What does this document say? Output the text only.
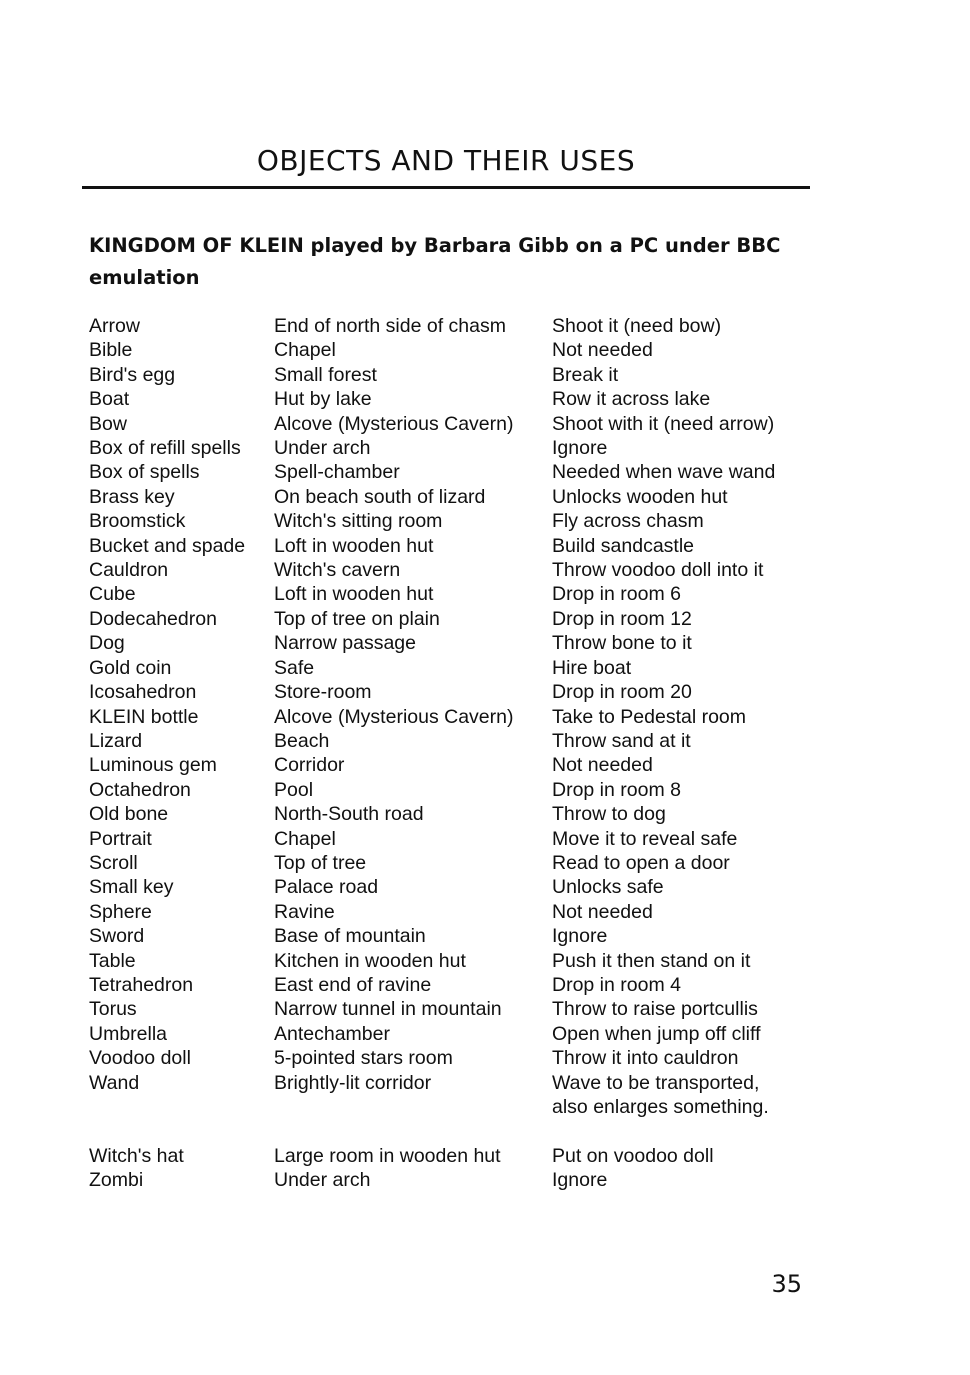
OBJECTS AND THEIR USES
KINGDOM OF KLEIN played by Barbara Gibb on a PC under BBC emulation
Arrow	End of north side of chasm	Shoot it (need bow)
Bible	Chapel	Not needed
Bird's egg	Small forest	Break it
Boat	Hut by lake	Row it across lake
Bow	Alcove (Mysterious Cavern)	Shoot with it (need arrow)
Box of refill spells	Under arch	Ignore
Box of spells	Spell-chamber	Needed when wave wand
Brass key	On beach south of lizard	Unlocks wooden hut
Broomstick	Witch's sitting room	Fly across chasm
Bucket and spade	Loft in wooden hut	Build sandcastle
Cauldron	Witch's cavern	Throw voodoo doll into it
Cube	Loft in wooden hut	Drop in room 6
Dodecahedron	Top of tree on plain	Drop in room 12
Dog	Narrow passage	Throw bone to it
Gold coin	Safe	Hire boat
Icosahedron	Store-room	Drop in room 20
KLEIN bottle	Alcove (Mysterious Cavern)	Take to Pedestal room
Lizard	Beach	Throw sand at it
Luminous gem	Corridor	Not needed
Octahedron	Pool	Drop in room 8
Old bone	North-South road	Throw to dog
Portrait	Chapel	Move it to reveal safe
Scroll	Top of tree	Read to open a door
Small key	Palace road	Unlocks safe
Sphere	Ravine	Not needed
Sword	Base of mountain	Ignore
Table	Kitchen in wooden hut	Push it then stand on it
Tetrahedron	East end of ravine	Drop in room 4
Torus	Narrow tunnel in mountain	Throw to raise portcullis
Umbrella	Antechamber	Open when jump off cliff
Voodoo doll	5-pointed stars room	Throw it into cauldron
Wand	Brightly-lit corridor	Wave to be transported,
		also enlarges something.

Witch's hat	Large room in wooden hut	Put on voodoo doll
Zombi	Under arch	Ignore
35
